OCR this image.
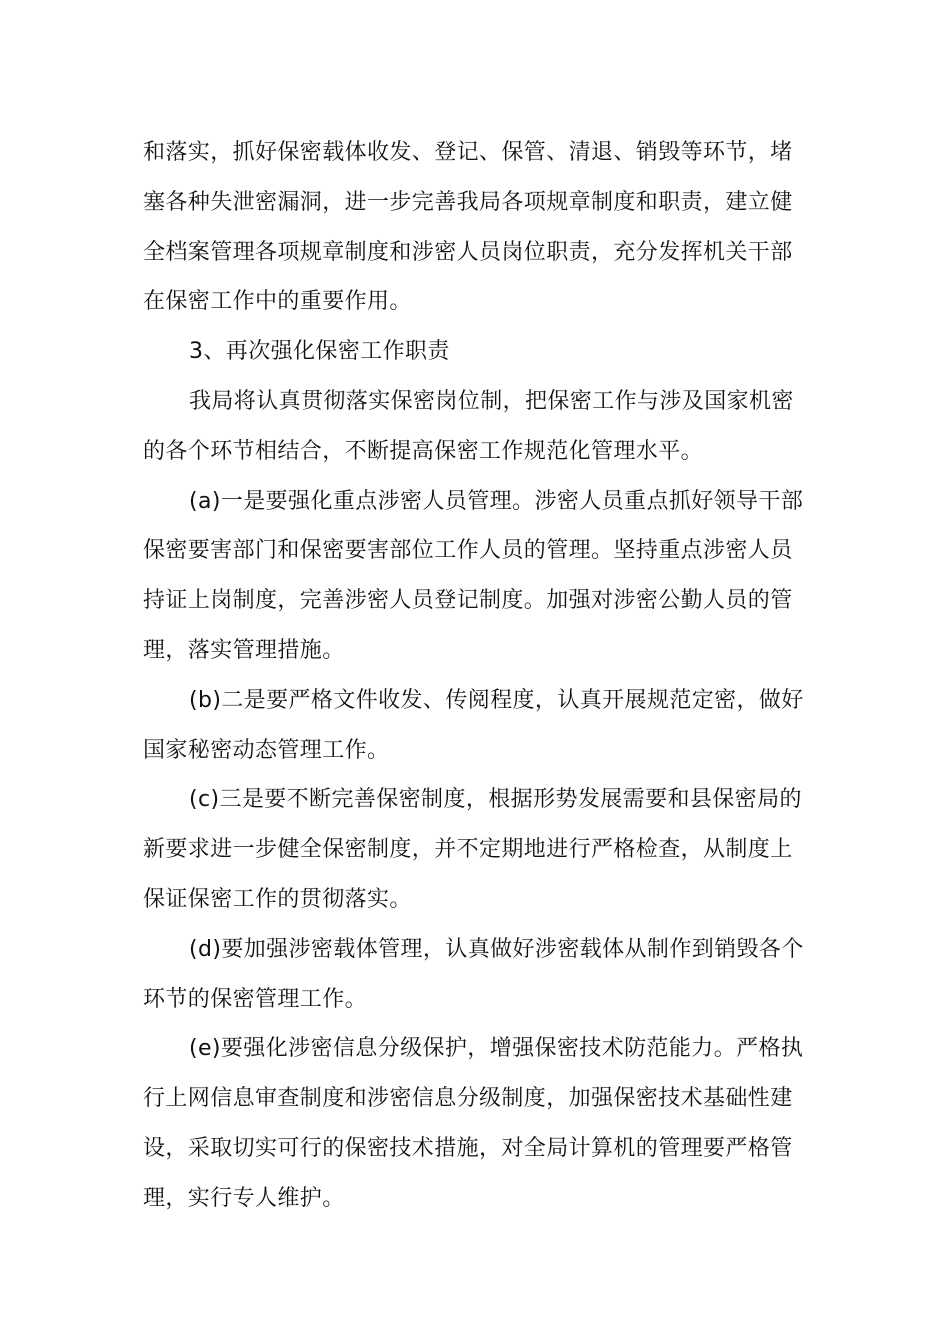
和落实，抓好保密载体收发、登记、保管、清退、销毁等环节，堵
塞各种失泄密漏洞，进一步完善我局各项规章制度和职责，建立健
全档案管理各项规章制度和涉密人员岗位职责，充分发挥机关干部
在保密工作中的重要作用。
3、再次强化保密工作职责
我局将认真贯彻落实保密岗位制，把保密工作与涉及国家机密
的各个环节相结合，不断提高保密工作规范化管理水平。
(a)一是要强化重点涉密人员管理。涉密人员重点抓好领导干部
保密要害部门和保密要害部位工作人员的管理。坚持重点涉密人员
持证上岗制度，完善涉密人员登记制度。加强对涉密公勤人员的管
理，落实管理措施。
(b)二是要严格文件收发、传阅程度，认真开展规范定密，做好
国家秘密动态管理工作。
(c)三是要不断完善保密制度，根据形势发展需要和县保密局的
新要求进一步健全保密制度，并不定期地进行严格检查，从制度上
保证保密工作的贯彻落实。
(d)要加强涉密载体管理，认真做好涉密载体从制作到销毁各个
环节的保密管理工作。
(e)要强化涉密信息分级保护，增强保密技术防范能力。严格执
行上网信息审查制度和涉密信息分级制度，加强保密技术基础性建
设，采取切实可行的保密技术措施，对全局计算机的管理要严格管
理，实行专人维护。
